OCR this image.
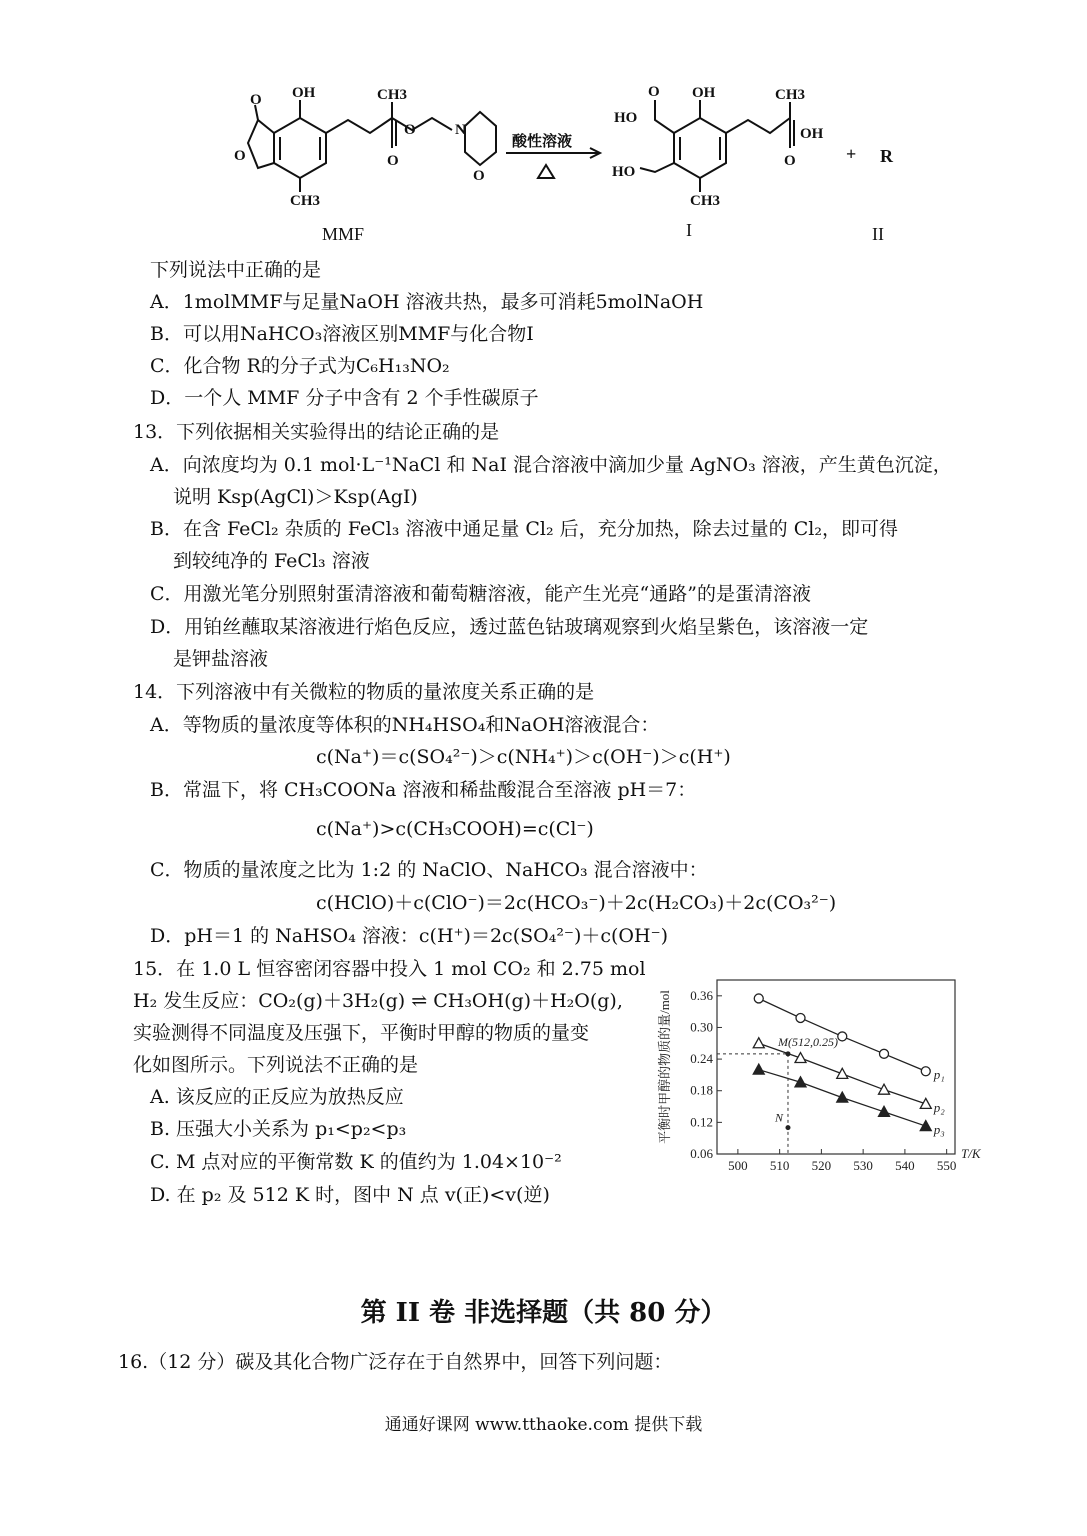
O OH
O
CH3
CH3
O
O
N
O
酸性溶液
OH
HO
O
HO
CH3
CH3
OH
O	+ R
MMF	I	II
下列说法中正确的是
A．1molMMF与足量NaOH 溶液共热，最多可消耗5molNaOH
B．可以用NaHCO₃溶液区别MMF与化合物I
C．化合物 R的分子式为C₆H₁₃NO₂
D．一个人 MMF 分子中含有 2 个手性碳原子
13．下列依据相关实验得出的结论正确的是
A．向浓度均为 0.1 mol·L⁻¹NaCl 和 NaI 混合溶液中滴加少量 AgNO₃ 溶液，产生黄色沉淀，
说明 Ksp(AgCl)＞Ksp(AgI)
B．在含 FeCl₂ 杂质的 FeCl₃ 溶液中通足量 Cl₂ 后，充分加热，除去过量的 Cl₂，即可得
到较纯净的 FeCl₃ 溶液
C．用激光笔分别照射蛋清溶液和葡萄糖溶液，能产生光亮“通路”的是蛋清溶液
D．用铂丝蘸取某溶液进行焰色反应，透过蓝色钴玻璃观察到火焰呈紫色，该溶液一定
是钾盐溶液
14．下列溶液中有关微粒的物质的量浓度关系正确的是
A．等物质的量浓度等体积的NH₄HSO₄和NaOH溶液混合：
c(Na⁺)＝c(SO₄²⁻)＞c(NH₄⁺)＞c(OH⁻)＞c(H⁺)
B．常温下，将 CH₃COONa 溶液和稀盐酸混合至溶液 pH＝7：
c(Na⁺)>c(CH₃COOH)=c(Cl⁻)
C．物质的量浓度之比为 1:2 的 NaClO、NaHCO₃ 混合溶液中：
c(HClO)＋c(ClO⁻)＝2c(HCO₃⁻)＋2c(H₂CO₃)＋2c(CO₃²⁻)
D．pH＝1 的 NaHSO₄ 溶液：c(H⁺)＝2c(SO₄²⁻)＋c(OH⁻)
15．在 1.0 L 恒容密闭容器中投入 1 mol CO₂ 和 2.75 mol
H₂ 发生反应：CO₂(g)＋3H₂(g) ⇌ CH₃OH(g)＋H₂O(g),
实验测得不同温度及压强下，平衡时甲醇的物质的量变
化如图所示。下列说法不正确的是
A. 该反应的正反应为放热反应
B. 压强大小关系为 p₁<p₂<p₃
C. M 点对应的平衡常数 K 的值约为 1.04×10⁻²
D. 在 p₂ 及 512 K 时，图中 N 点 v(正)<v(逆)
500 510 520 530 540 550
0.06
0.12
0.18
0.24
0.30
0.36
T/K
平衡时甲醇的物质的量/mol	p₁
p₂
p₃
M(512,0.25)
N
第 II 卷 非选择题（共 80 分）
16.（12 分）碳及其化合物广泛存在于自然界中，回答下列问题：
通通好课网 www.tthaoke.com 提供下载
